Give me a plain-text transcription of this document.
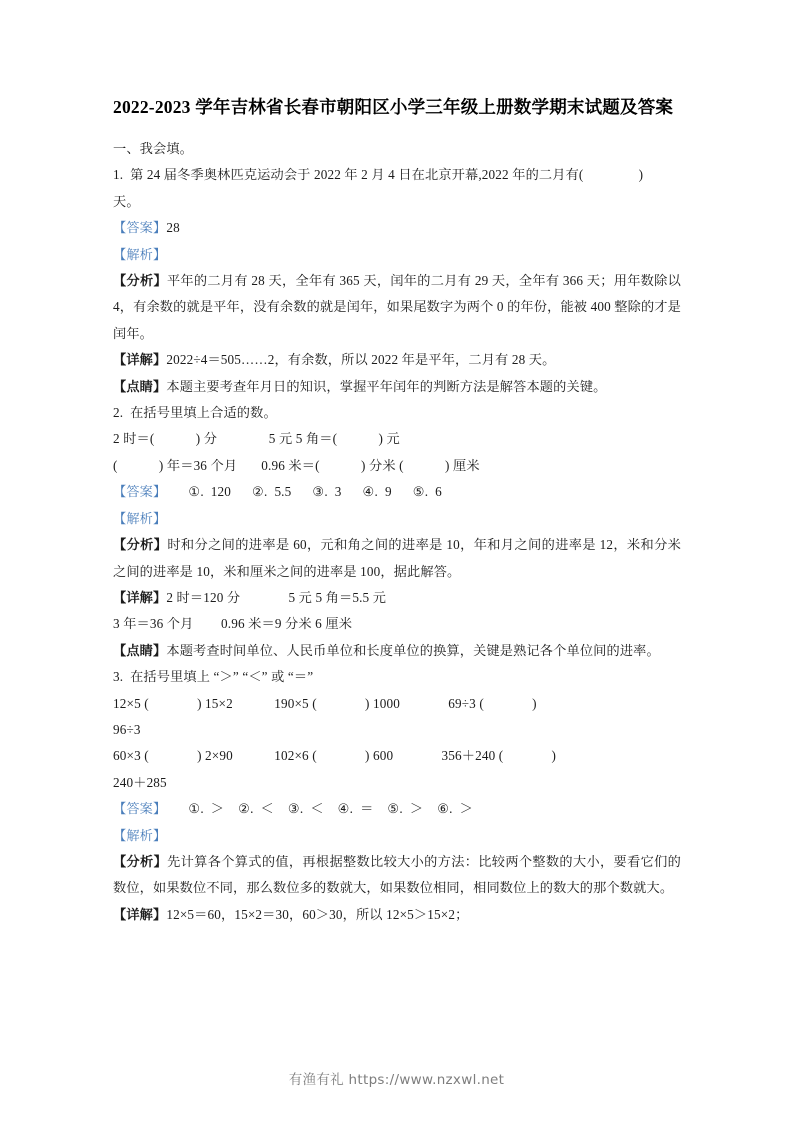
2022-2023 学年吉林省长春市朝阳区小学三年级上册数学期末试题及答案

一、我会填。

1.  第 24 届冬季奥林匹克运动会于 2022 年 2 月 4 日在北京开幕,2022 年的二月有(                )

天。

【答案】28

【解析】

【分析】平年的二月有 28 天，全年有 365 天，闰年的二月有 29 天，全年有 366 天；用年数除以 4，有余数的就是平年，没有余数的就是闰年，如果尾数字为两个 0 的年份，能被 400 整除的才是闰年。

【详解】2022÷4＝505……2，有余数，所以 2022 年是平年，二月有 28 天。

【点睛】本题主要考查年月日的知识，掌握平年闰年的判断方法是解答本题的关键。

2.  在括号里填上合适的数。

2 时＝(            ) 分               5 元 5 角＝(            ) 元

(            ) 年＝36 个月       0.96 米＝(            ) 分米 (            ) 厘米

【答案】 ①. 120 ②. 5.5 ③. 3 ④. 9 ⑤. 6

【解析】

【分析】时和分之间的进率是 60，元和角之间的进率是 10，年和月之间的进率是 12，米和分米之间的进率是 10，米和厘米之间的进率是 100，据此解答。

【详解】2 时＝120 分              5 元 5 角＝5.5 元

3 年＝36 个月        0.96 米＝9 分米 6 厘米

【点睛】本题考查时间单位、人民币单位和长度单位的换算，关键是熟记各个单位间的进率。

3.  在括号里填上 “＞” “＜” 或 “＝”

12×5 (              ) 15×2            190×5 (              ) 1000              69÷3 (              )

96÷3

60×3 (              ) 2×90            102×6 (              ) 600              356＋240 (              )

240＋285

【答案】 ①. ＞ ②. ＜ ③. ＜ ④. ＝ ⑤. ＞ ⑥. ＞

【解析】

【分析】先计算各个算式的值，再根据整数比较大小的方法：比较两个整数的大小，要看它们的数位，如果数位不同，那么数位多的数就大，如果数位相同，相同数位上的数大的那个数就大。

【详解】12×5＝60，15×2＝30，60＞30，所以 12×5＞15×2；

有渔有礼 https://www.nzxwl.net
